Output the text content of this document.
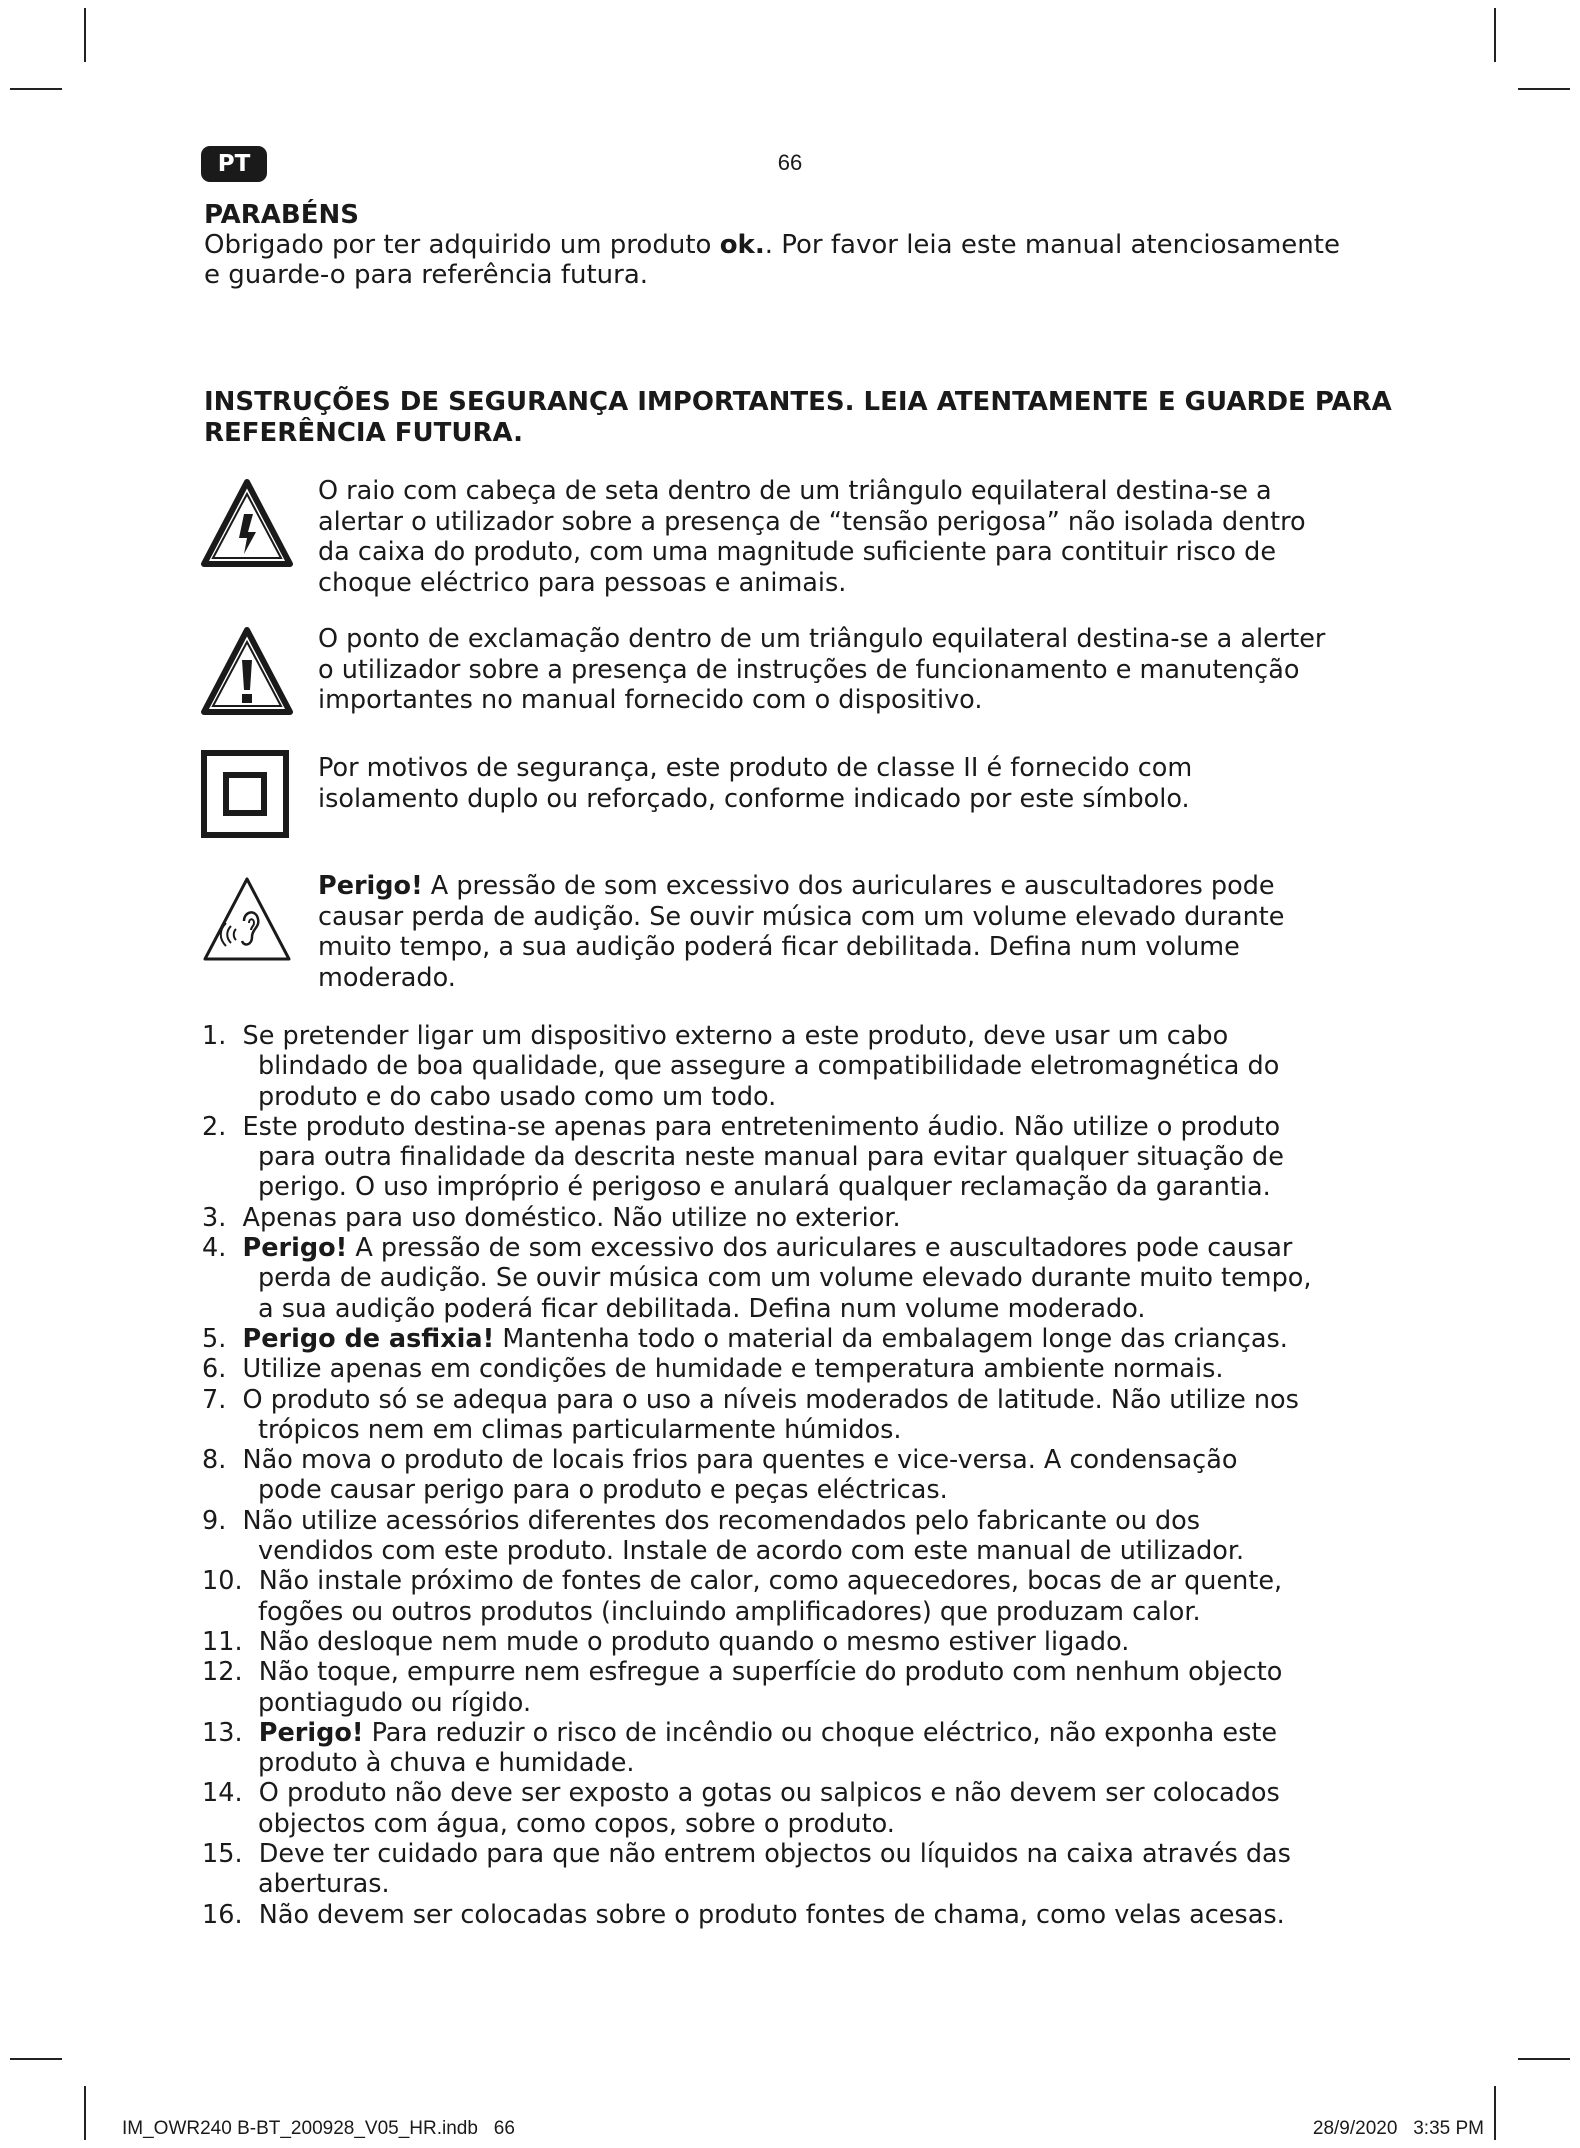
PT	66
PARABÉNS
Obrigado por ter adquirido um produto ok.. Por favor leia este manual atenciosamente
e guarde-o para referência futura.
INSTRUÇÕES DE SEGURANÇA IMPORTANTES. LEIA ATENTAMENTE E GUARDE PARA
REFERÊNCIA FUTURA.
O raio com cabeça de seta dentro de um triângulo equilateral destina-se a
alertar o utilizador sobre a presença de “tensão perigosa” não isolada dentro
da caixa do produto, com uma magnitude suficiente para contituir risco de
choque eléctrico para pessoas e animais.
O ponto de exclamação dentro de um triângulo equilateral destina-se a alerter
o utilizador sobre a presença de instruções de funcionamento e manutenção
importantes no manual fornecido com o dispositivo.
Por motivos de segurança, este produto de classe II é fornecido com
isolamento duplo ou reforçado, conforme indicado por este símbolo.
Perigo! A pressão de som excessivo dos auriculares e auscultadores pode
causar perda de audição. Se ouvir música com um volume elevado durante
muito tempo, a sua audição poderá ficar debilitada. Defina num volume
moderado.
1.  Se pretender ligar um dispositivo externo a este produto, deve usar um cabo
blindado de boa qualidade, que assegure a compatibilidade eletromagnética do
produto e do cabo usado como um todo.
2.  Este produto destina-se apenas para entretenimento áudio. Não utilize o produto
para outra finalidade da descrita neste manual para evitar qualquer situação de
perigo. O uso impróprio é perigoso e anulará qualquer reclamação da garantia.
3.  Apenas para uso doméstico. Não utilize no exterior.
4.  Perigo! A pressão de som excessivo dos auriculares e auscultadores pode causar
perda de audição. Se ouvir música com um volume elevado durante muito tempo,
a sua audição poderá ficar debilitada. Defina num volume moderado.
5.  Perigo de asfixia! Mantenha todo o material da embalagem longe das crianças.
6.  Utilize apenas em condições de humidade e temperatura ambiente normais.
7.  O produto só se adequa para o uso a níveis moderados de latitude. Não utilize nos
trópicos nem em climas particularmente húmidos.
8.  Não mova o produto de locais frios para quentes e vice-versa. A condensação
pode causar perigo para o produto e peças eléctricas.
9.  Não utilize acessórios diferentes dos recomendados pelo fabricante ou dos
vendidos com este produto. Instale de acordo com este manual de utilizador.
10.  Não instale próximo de fontes de calor, como aquecedores, bocas de ar quente,
fogões ou outros produtos (incluindo amplificadores) que produzam calor.
11.  Não desloque nem mude o produto quando o mesmo estiver ligado.
12.  Não toque, empurre nem esfregue a superfície do produto com nenhum objecto
pontiagudo ou rígido.
13.  Perigo! Para reduzir o risco de incêndio ou choque eléctrico, não exponha este
produto à chuva e humidade.
14.  O produto não deve ser exposto a gotas ou salpicos e não devem ser colocados
objectos com água, como copos, sobre o produto.
15.  Deve ter cuidado para que não entrem objectos ou líquidos na caixa através das
aberturas.
16.  Não devem ser colocadas sobre o produto fontes de chama, como velas acesas.
IM_OWR240 B-BT_200928_V05_HR.indb   66	28/9/2020   3:35 PM
